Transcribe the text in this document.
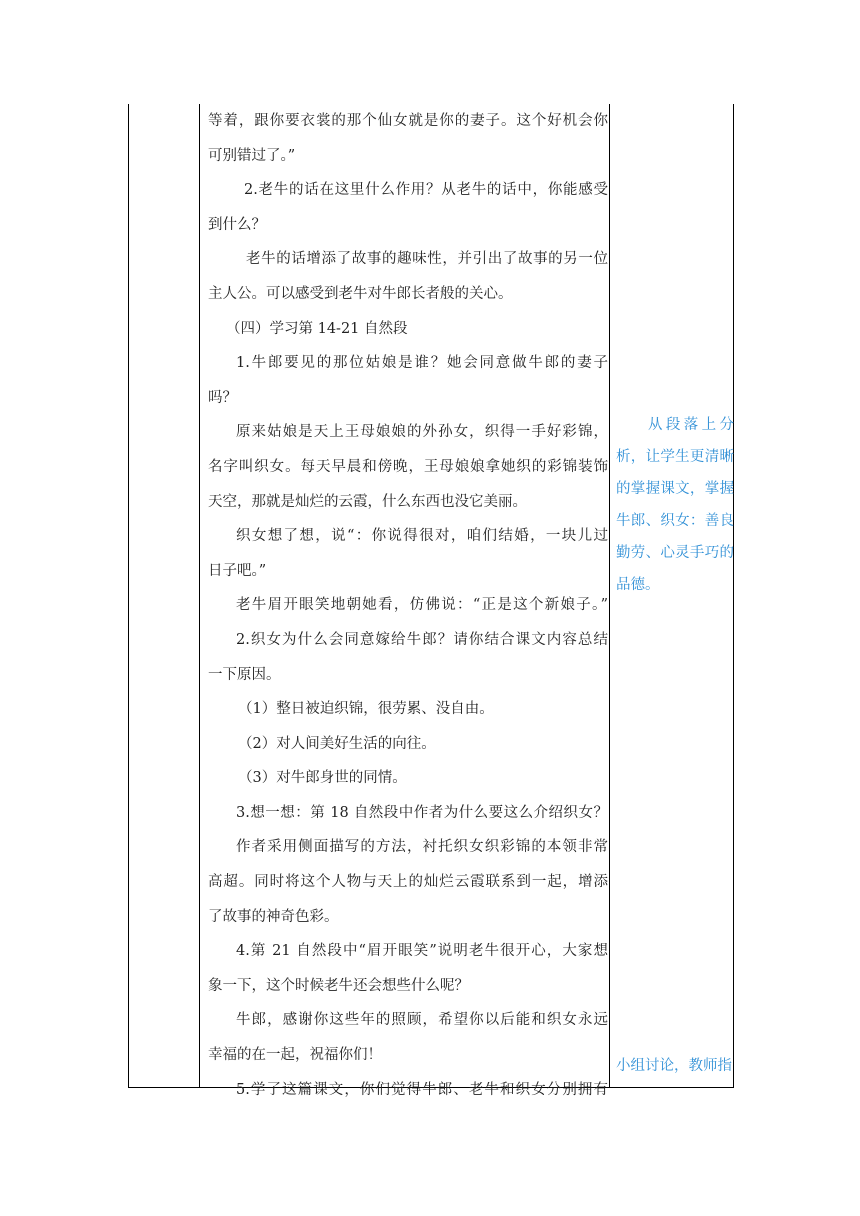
等着，跟你要衣裳的那个仙女就是你的妻子。这个好机会你
可别错过了。”
2.老牛的话在这里什么作用？从老牛的话中，你能感受
到什么？
老牛的话增添了故事的趣味性，并引出了故事的另一位
主人公。可以感受到老牛对牛郎长者般的关心。
（四）学习第 14-21 自然段
1.牛郎要见的那位姑娘是谁？她会同意做牛郎的妻子
吗？
原来姑娘是天上王母娘娘的外孙女，织得一手好彩锦，
名字叫织女。每天早晨和傍晚，王母娘娘拿她织的彩锦装饰
天空，那就是灿烂的云霞，什么东西也没它美丽。
织女想了想，说“：你说得很对，咱们结婚，一块儿过
日子吧。”
老牛眉开眼笑地朝她看，仿佛说：“正是这个新娘子。”
2.织女为什么会同意嫁给牛郎？请你结合课文内容总结
一下原因。
（1）整日被迫织锦，很劳累、没自由。
（2）对人间美好生活的向往。
（3）对牛郎身世的同情。
3.想一想：第 18 自然段中作者为什么要这么介绍织女？
作者采用侧面描写的方法，衬托织女织彩锦的本领非常
高超。同时将这个人物与天上的灿烂云霞联系到一起，增添
了故事的神奇色彩。
4.第 21 自然段中“眉开眼笑”说明老牛很开心，大家想
象一下，这个时候老牛还会想些什么呢？
牛郎，感谢你这些年的照顾，希望你以后能和织女永远
幸福的在一起，祝福你们！
5.学了这篇课文，你们觉得牛郎、老牛和织女分别拥有
从段落上分
析，让学生更清晰
的掌握课文，掌握
牛郎、织女：善良
勤劳、心灵手巧的
品德。
小组讨论，教师指
